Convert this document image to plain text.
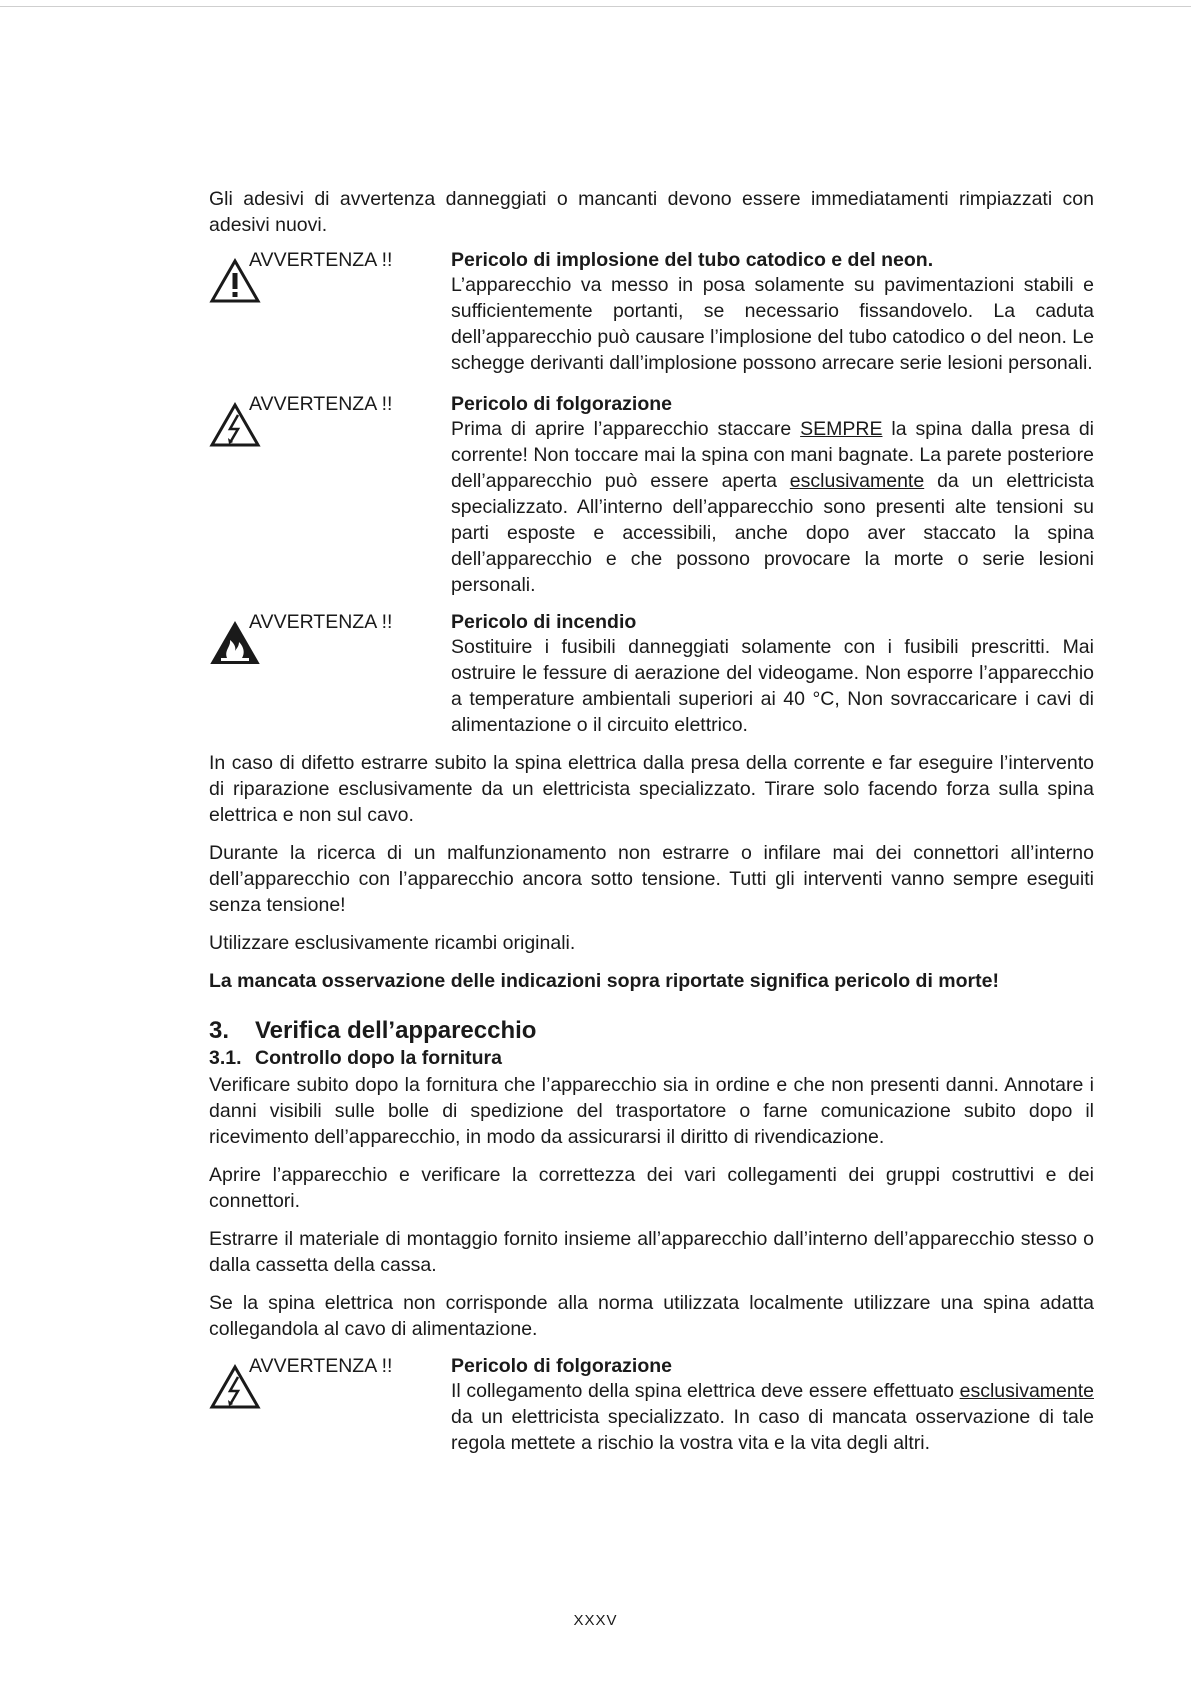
Gli adesivi di avvertenza danneggiati o mancanti devono essere immediatamenti rimpiazzati con adesivi nuovi.

AVVERTENZA !!	Pericolo di implosione del tubo catodico e del neon.

L’apparecchio va messo in posa solamente su pavimentazioni stabili e sufficientemente portanti, se necessario fissandovelo. La caduta dell’apparecchio può causare l’implosione del tubo catodico o del neon. Le schegge derivanti dall’implosione possono arrecare serie lesioni personali.

AVVERTENZA !!	Pericolo di folgorazione

Prima di aprire l’apparecchio staccare SEMPRE la spina dalla presa di corrente! Non toccare mai la spina con mani bagnate. La parete posteriore dell’apparecchio può essere aperta esclusivamente da un elettricista specializzato. All’interno dell’apparecchio sono presenti alte tensioni su parti esposte e accessibili, anche dopo aver staccato la spina dell’apparecchio e che possono provocare la morte o serie lesioni personali.

AVVERTENZA !!	Pericolo di incendio

Sostituire i fusibili danneggiati solamente con i fusibili prescritti. Mai ostruire le fessure di aerazione del videogame. Non esporre l’apparecchio a temperature ambientali superiori ai 40 °C, Non sovraccaricare i cavi di alimentazione o il circuito elettrico.

In caso di difetto estrarre subito la spina elettrica dalla presa della corrente e far eseguire l’intervento di riparazione esclusivamente da un elettricista specializzato. Tirare solo facendo forza sulla spina elettrica e non sul cavo.

Durante la ricerca di un malfunzionamento non estrarre o infilare mai dei connettori all’interno dell’apparecchio con l’apparecchio ancora sotto tensione. Tutti gli interventi vanno sempre eseguiti senza tensione!

Utilizzare esclusivamente ricambi originali.

La mancata osservazione delle indicazioni sopra riportate significa pericolo di morte!

3. Verifica dell’apparecchio
3.1. Controllo dopo la fornitura

Verificare subito dopo la fornitura che l’apparecchio sia in ordine e che non presenti danni. Annotare i danni visibili sulle bolle di spedizione del trasportatore o farne comunicazione subito dopo il ricevimento dell’apparecchio, in modo da assicurarsi il diritto di rivendicazione.

Aprire l’apparecchio e verificare la correttezza dei vari collegamenti dei gruppi costruttivi e dei connettori.

Estrarre il materiale di montaggio fornito insieme all’apparecchio dall’interno dell’apparecchio stesso o dalla cassetta della cassa.

Se la spina elettrica non corrisponde alla norma utilizzata localmente utilizzare una spina adatta collegandola al cavo di alimentazione.

AVVERTENZA !!	Pericolo di folgorazione

Il collegamento della spina elettrica deve essere effettuato esclusivamente da un elettricista specializzato. In caso di mancata osservazione di tale regola mettete a rischio la vostra vita e la vita degli altri.

XXXV
